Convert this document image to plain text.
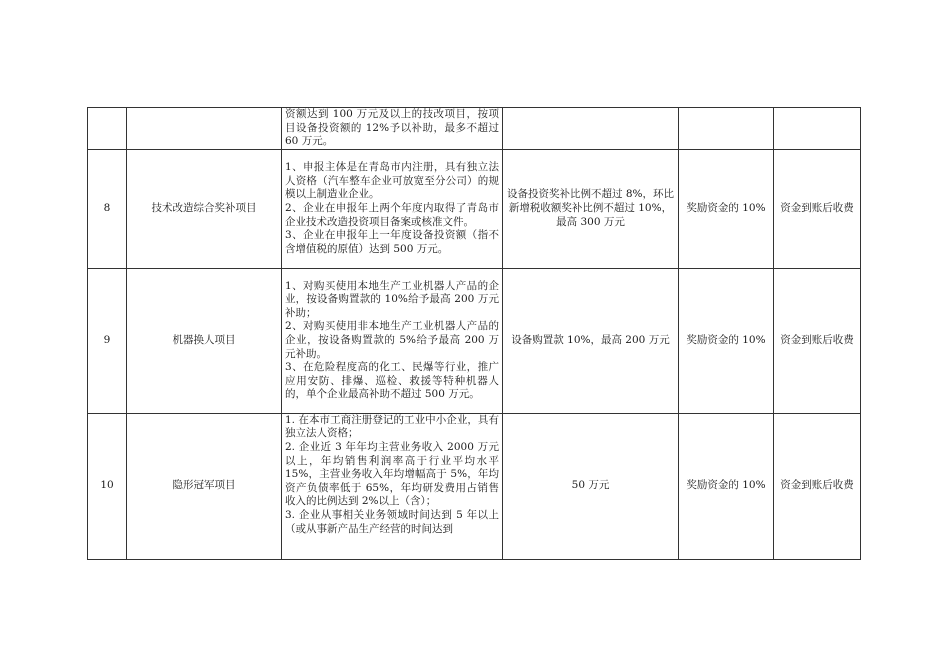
		资额达到 100 万元及以上的技改项目，按项目设备投资额的 12%予以补助，最多不超过 60 万元。			

8	技术改造综合奖补项目	1、申报主体是在青岛市内注册，具有独立法人资格（汽车整车企业可放宽至分公司）的规模以上制造业企业。
2、企业在申报年上两个年度内取得了青岛市企业技术改造投资项目备案或核准文件。
3、企业在申报年上一年度设备投资额（指不含增值税的原值）达到 500 万元。	设备投资奖补比例不超过 8%，环比新增税收额奖补比例不超过 10%，最高 300 万元	奖励资金的 10%	资金到账后收费
9	机器换人项目	1、对购买使用本地生产工业机器人产品的企业，按设备购置款的 10%给予最高 200 万元补助；
2、对购买使用非本地生产工业机器人产品的企业，按设备购置款的 5%给予最高 200 万元补助。
3、在危险程度高的化工、民爆等行业，推广应用安防、排爆、巡检、救援等特种机器人的，单个企业最高补助不超过 500 万元。	设备购置款 10%，最高 200 万元	奖励资金的 10%	资金到账后收费
10	隐形冠军项目	1. 在本市工商注册登记的工业中小企业，具有独立法人资格；
2. 企业近 3 年年均主营业务收入 2000 万元以上，年均销售利润率高于行业平均水平 15%，主营业务收入年均增幅高于 5%，年均资产负债率低于 65%，年均研发费用占销售收入的比例达到 2%以上（含）；
3. 企业从事相关业务领域时间达到 5 年以上（或从事新产品生产经营的时间达到	50 万元	奖励资金的 10%	资金到账后收费
